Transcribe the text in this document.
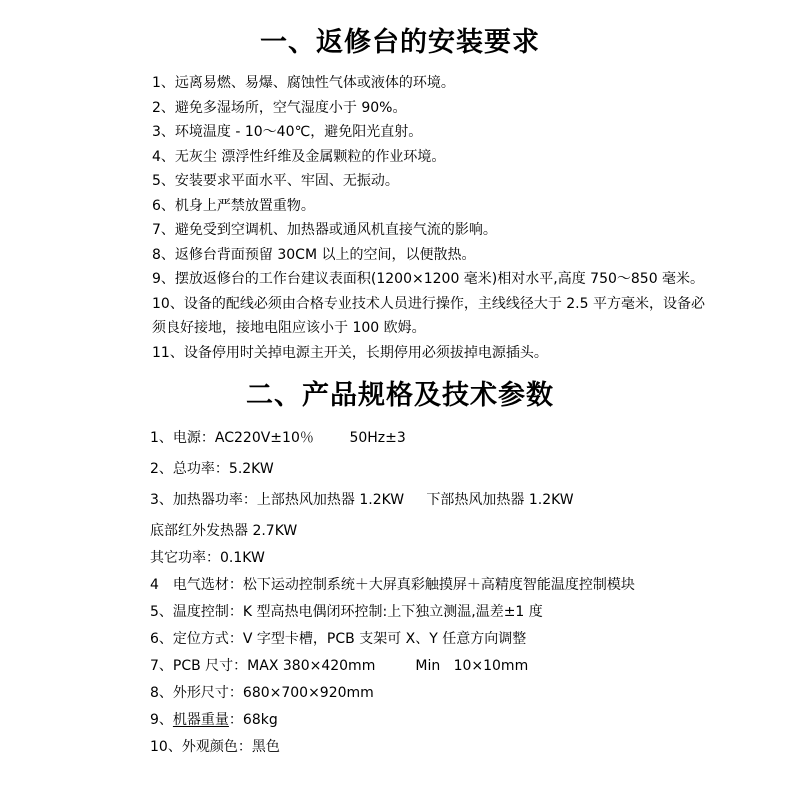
一、返修台的安装要求
1、远离易燃、易爆、腐蚀性气体或液体的环境。
2、避免多湿场所，空气湿度小于 90%。
3、环境温度 - 10～40℃，避免阳光直射。
4、无灰尘 漂浮性纤维及金属颗粒的作业环境。
5、安装要求平面水平、牢固、无振动。
6、机身上严禁放置重物。
7、避免受到空调机、加热器或通风机直接气流的影响。
8、返修台背面预留 30CM 以上的空间，以便散热。
9、摆放返修台的工作台建议表面积(1200×1200 毫米)相对水平,高度 750～850 毫米。
10、设备的配线必须由合格专业技术人员进行操作，主线线径大于 2.5 平方毫米，设备必
须良好接地，接地电阻应该小于 100 欧姆。
11、设备停用时关掉电源主开关，长期停用必须拔掉电源插头。
二、产品规格及技术参数
1、电源：AC220V±10％        50Hz±3
2、总功率：5.2KW
3、加热器功率：上部热风加热器 1.2KW     下部热风加热器 1.2KW
底部红外发热器 2.7KW
其它功率：0.1KW
4　电气选材：松下运动控制系统＋大屏真彩触摸屏＋高精度智能温度控制模块
5、温度控制：K 型高热电偶闭环控制:上下独立测温,温差±1 度
6、定位方式：V 字型卡槽，PCB 支架可 X、Y 任意方向调整
7、PCB 尺寸：MAX 380×420mm         Min   10×10mm
8、外形尺寸：680×700×920mm
9、机器重量：68kg
10、外观颜色：黑色
